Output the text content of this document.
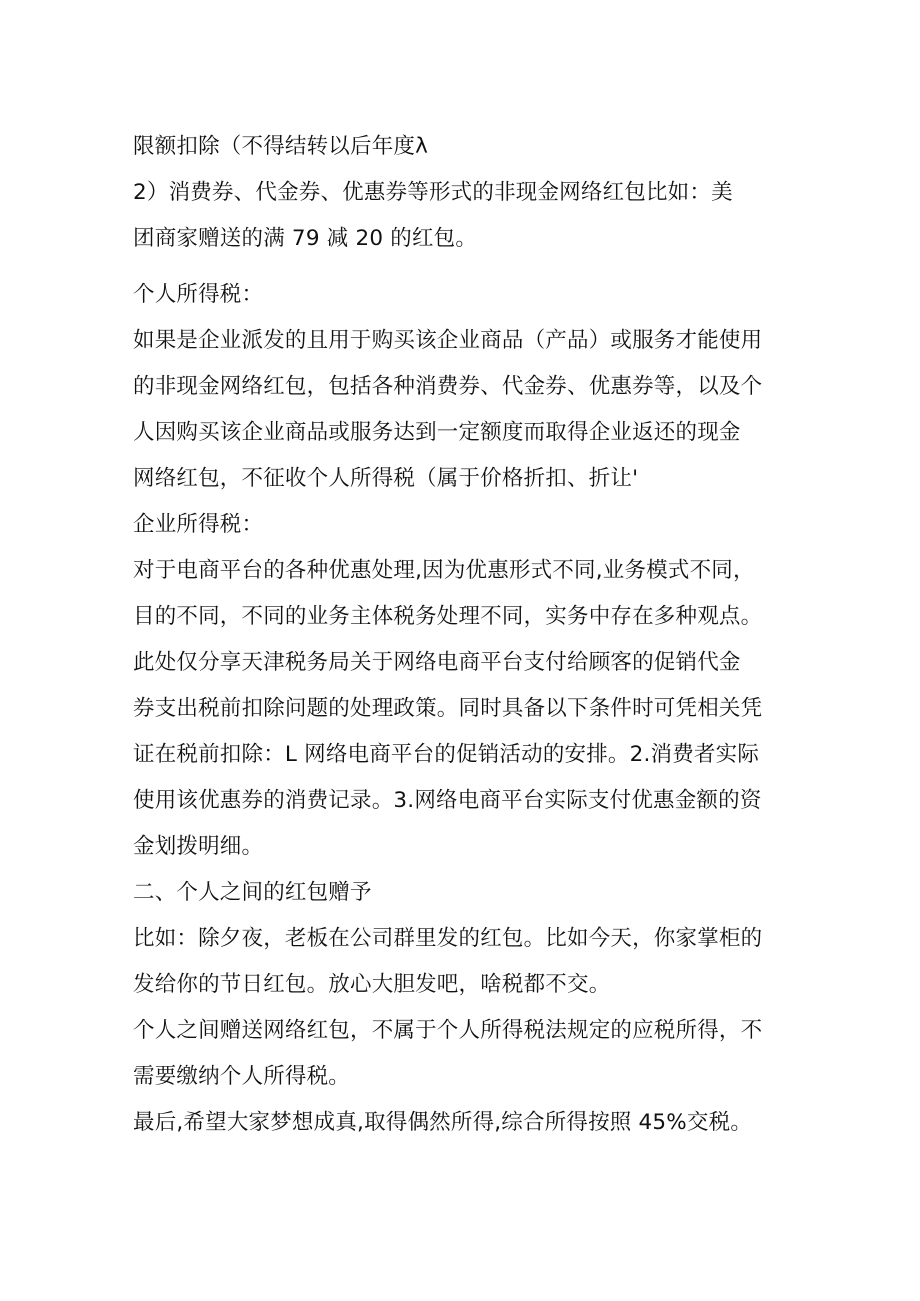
限额扣除（不得结转以后年度λ
2）消费券、代金券、优惠券等形式的非现金网络红包比如：美
团商家赠送的满 79 减 20 的红包。
个人所得税：
如果是企业派发的且用于购买该企业商品（产品）或服务才能使用
的非现金网络红包，包括各种消费券、代金券、优惠券等，以及个
人因购买该企业商品或服务达到一定额度而取得企业返还的现金
网络红包，不征收个人所得税（属于价格折扣、折让'
企业所得税：
对于电商平台的各种优惠处理,因为优惠形式不同,业务模式不同，
目的不同，不同的业务主体税务处理不同，实务中存在多种观点。
此处仅分享天津税务局关于网络电商平台支付给顾客的促销代金
券支出税前扣除问题的处理政策。同时具备以下条件时可凭相关凭
证在税前扣除：L 网络电商平台的促销活动的安排。2.消费者实际
使用该优惠券的消费记录。3.网络电商平台实际支付优惠金额的资
金划拨明细。
二、个人之间的红包赠予
比如：除夕夜，老板在公司群里发的红包。比如今天，你家掌柜的
发给你的节日红包。放心大胆发吧，啥税都不交。
个人之间赠送网络红包，不属于个人所得税法规定的应税所得，不
需要缴纳个人所得税。
最后,希望大家梦想成真,取得偶然所得,综合所得按照 45%交税。
